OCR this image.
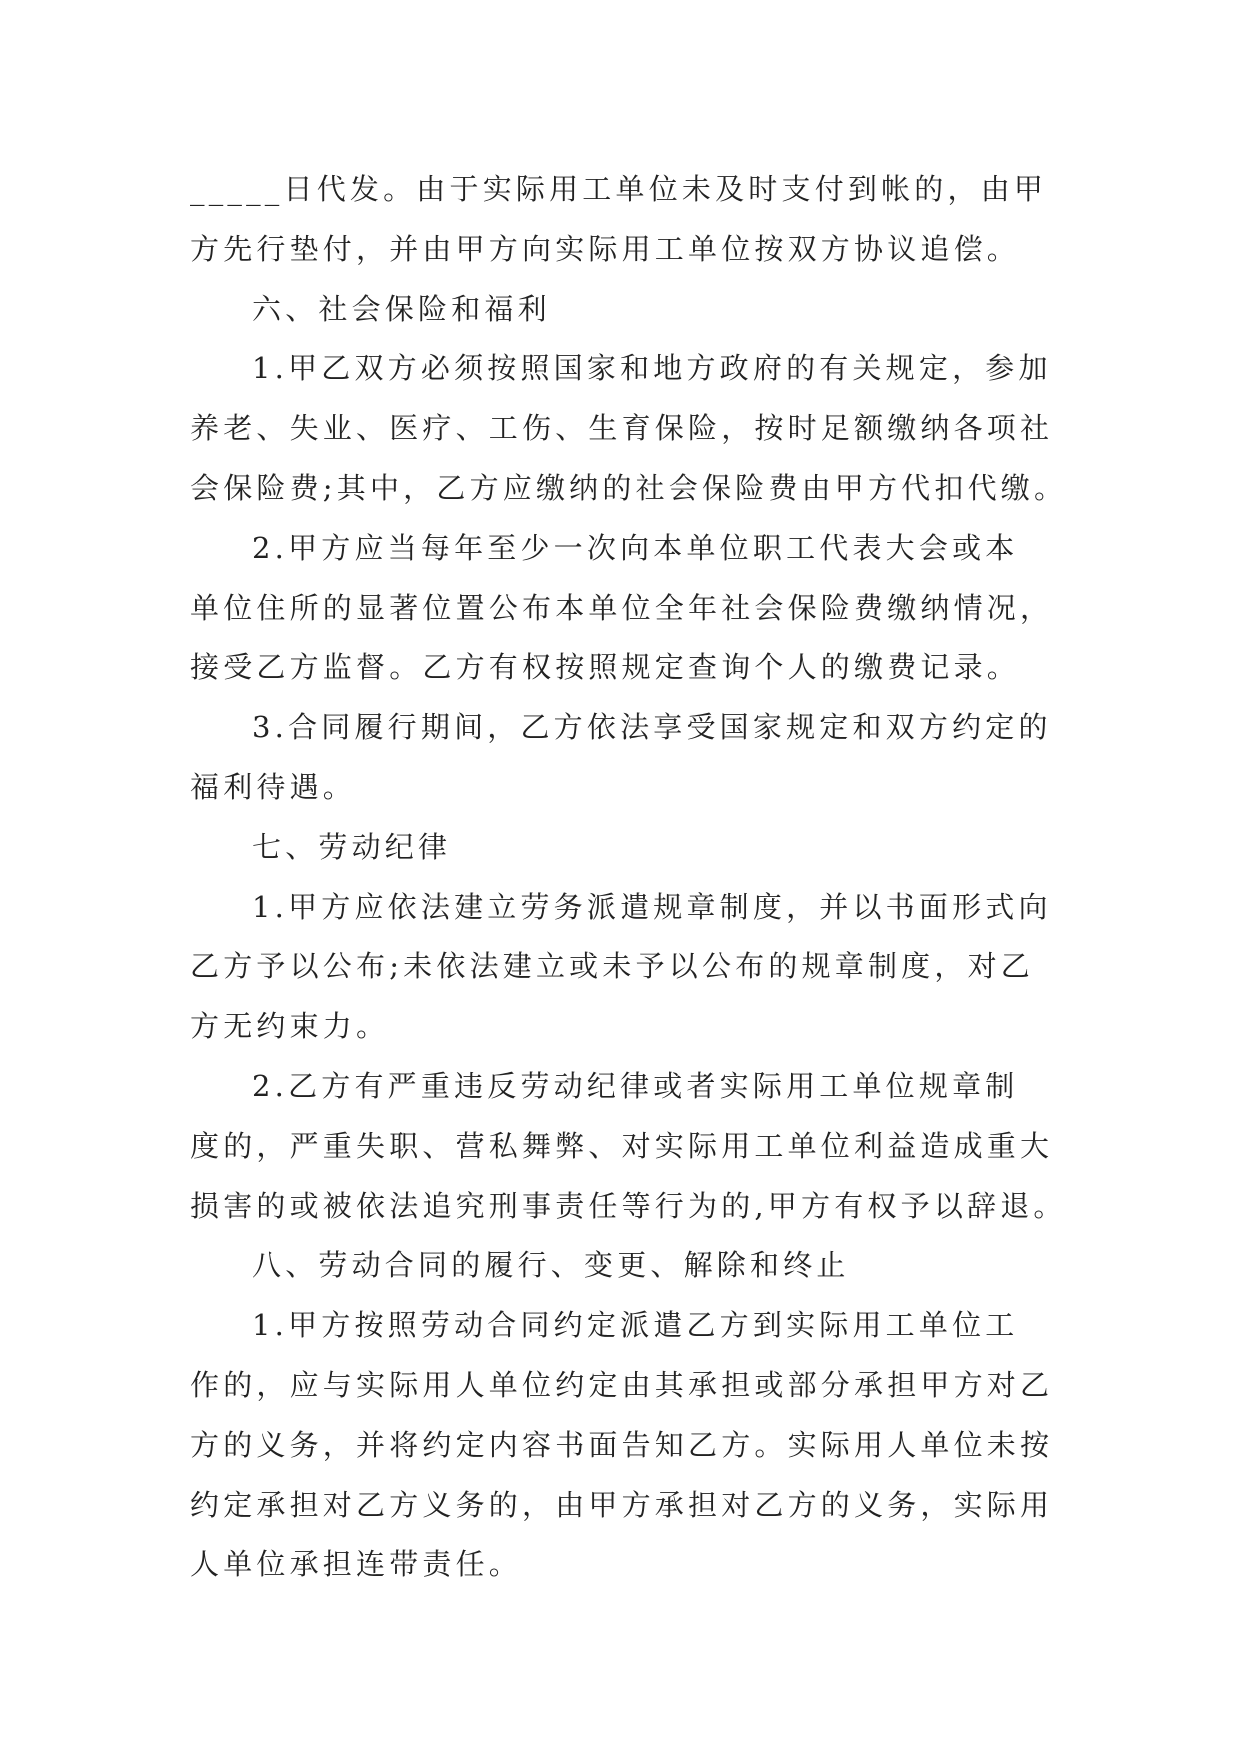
_____日代发。由于实际用工单位未及时支付到帐的，由甲
方先行垫付，并由甲方向实际用工单位按双方协议追偿。
六、社会保险和福利
1.甲乙双方必须按照国家和地方政府的有关规定，参加
养老、失业、医疗、工伤、生育保险，按时足额缴纳各项社
会保险费;其中，乙方应缴纳的社会保险费由甲方代扣代缴。
2.甲方应当每年至少一次向本单位职工代表大会或本
单位住所的显著位置公布本单位全年社会保险费缴纳情况，
接受乙方监督。乙方有权按照规定查询个人的缴费记录。
3.合同履行期间，乙方依法享受国家规定和双方约定的
福利待遇。
七、劳动纪律
1.甲方应依法建立劳务派遣规章制度，并以书面形式向
乙方予以公布;未依法建立或未予以公布的规章制度，对乙
方无约束力。
2.乙方有严重违反劳动纪律或者实际用工单位规章制
度的，严重失职、营私舞弊、对实际用工单位利益造成重大
损害的或被依法追究刑事责任等行为的,甲方有权予以辞退。
八、劳动合同的履行、变更、解除和终止
1.甲方按照劳动合同约定派遣乙方到实际用工单位工
作的，应与实际用人单位约定由其承担或部分承担甲方对乙
方的义务，并将约定内容书面告知乙方。实际用人单位未按
约定承担对乙方义务的，由甲方承担对乙方的义务，实际用
人单位承担连带责任。
